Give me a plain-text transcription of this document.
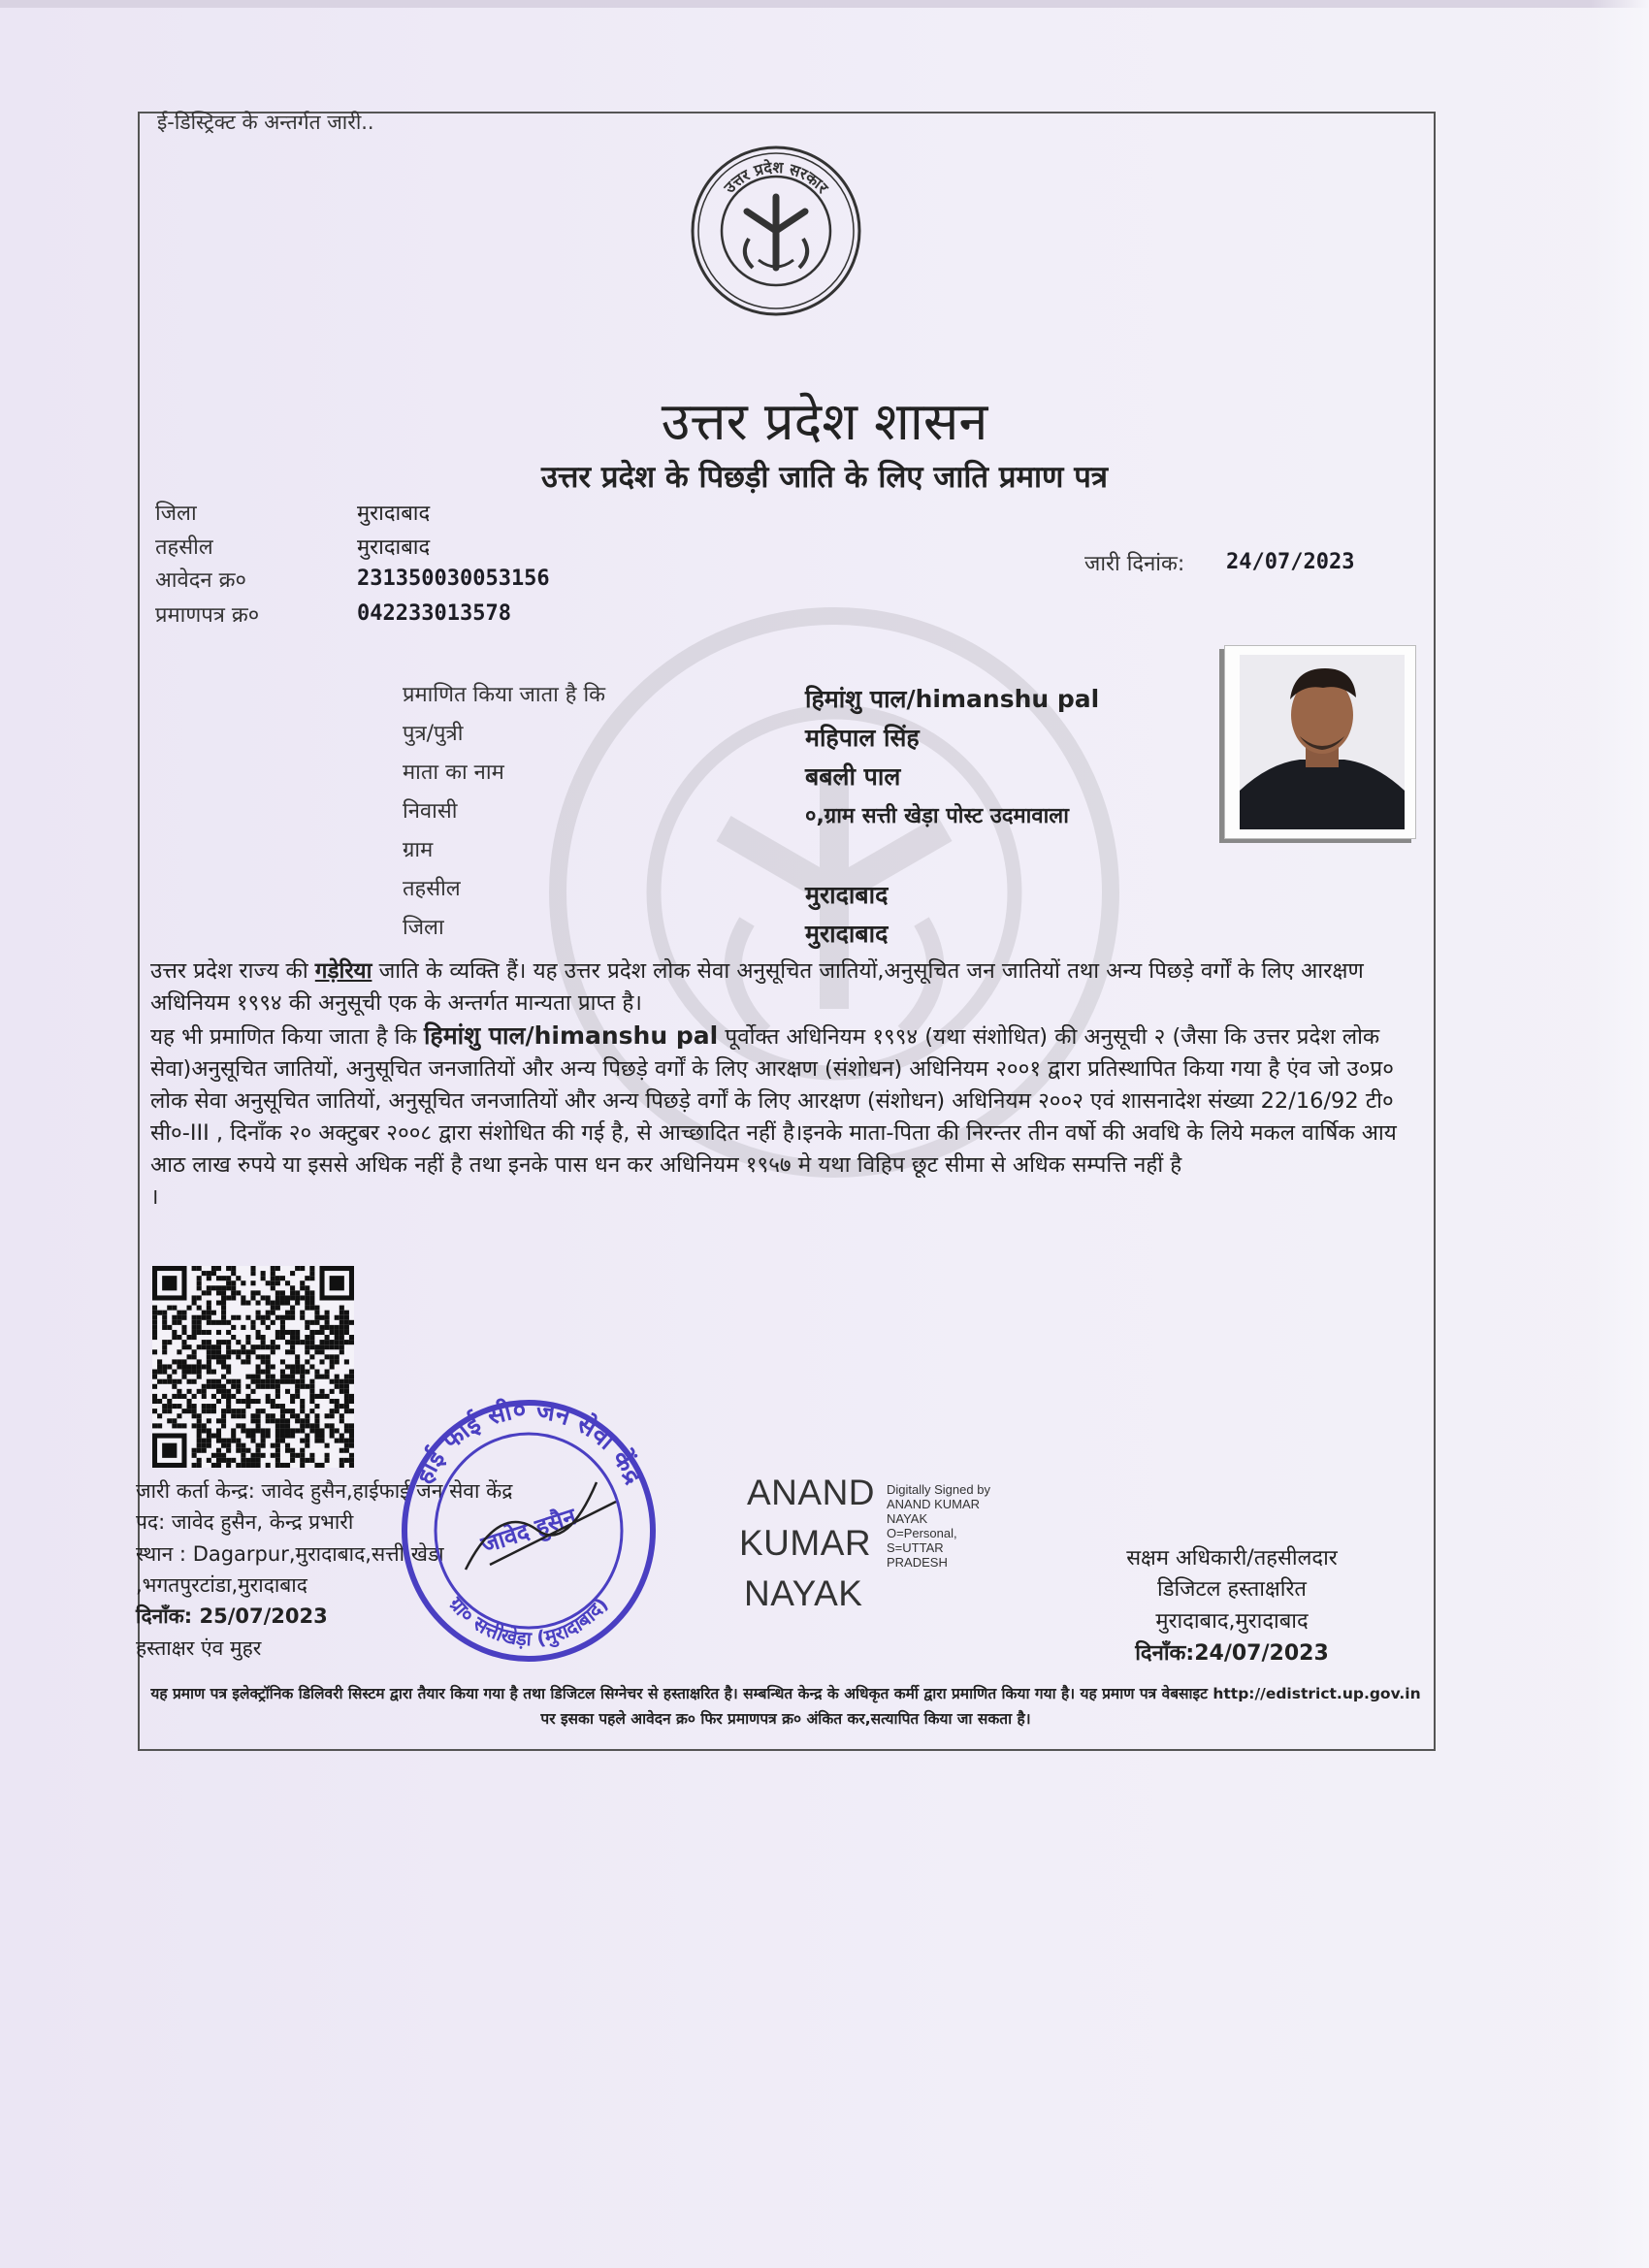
ई-डिस्ट्रिक्ट के अन्तर्गत जारी..
उत्तर प्रदेश सरकार
उत्तर प्रदेश शासन
उत्तर प्रदेश के पिछड़ी जाति के लिए जाति प्रमाण पत्र
जिला	मुरादाबाद
तहसील	मुरादाबाद
आवेदन क्र०	231350030053156
प्रमाणपत्र क्र०	042233013578
जारी दिनांक: 24/07/2023
प्रमाणित किया जाता है कि	हिमांशु पाल/himanshu pal
पुत्र/पुत्री	महिपाल सिंह
माता का नाम	बबली पाल
निवासी	०,ग्राम सत्ती खेड़ा पोस्ट उदमावाला
ग्राम
तहसील	मुरादाबाद
जिला	मुरादाबाद

उत्तर प्रदेश राज्य की गड़ेरिया जाति के व्यक्ति हैं। यह उत्तर प्रदेश लोक सेवा अनुसूचित जातियों,अनुसूचित जन जातियों तथा अन्य पिछड़े वर्गों के लिए आरक्षण अधिनियम १९९४ की अनुसूची एक के अन्तर्गत मान्यता प्राप्त है।

यह भी प्रमाणित किया जाता है कि हिमांशु पाल/himanshu pal पूर्वोक्त अधिनियम १९९४ (यथा संशोधित) की अनुसूची २ (जैसा कि उत्तर प्रदेश लोक सेवा)अनुसूचित जातियों, अनुसूचित जनजातियों और अन्य पिछड़े वर्गों के लिए आरक्षण (संशोधन) अधिनियम २००१ द्वारा प्रतिस्थापित किया गया है एंव जो उ०प्र० लोक सेवा अनुसूचित जातियों, अनुसूचित जनजातियों और अन्य पिछड़े वर्गों के लिए आरक्षण (संशोधन) अधिनियम २००२ एवं शासनादेश संख्या 22/16/92 टी० सी०-III , दिनाँक २० अक्टुबर २००८ द्वारा संशोधित की गई है, से आच्छादित नहीं है।इनके माता-पिता की निरन्तर तीन वर्षो की अवधि के लिये मकल वार्षिक आय आठ लाख रुपये या इससे अधिक नहीं है तथा इनके पास धन कर अधिनियम १९५७ मे यथा विहिप छूट सीमा से अधिक सम्पत्ति नहीं है

।

जारी कर्ता केन्द्र: जावेद हुसैन,हाईफाई जन सेवा केंद्र
पद: जावेद हुसैन, केन्द्र प्रभारी
स्थान : Dagarpur,मुरादाबाद,सत्ती खेडा
,भगतपुरटांडा,मुरादाबाद
दिनाँक: 25/07/2023
हस्ताक्षर एंव मुहर
हाई फाई सी० जन सेवा केंद्र
ग्रा० सत्तीखेड़ा (मुरादाबाद)
जावेद हुसैन
ANAND
KUMAR
NAYAK
Digitally Signed by
ANAND KUMAR
NAYAK
O=Personal,
S=UTTAR
PRADESH	सक्षम अधिकारी/तहसीलदार
डिजिटल हस्ताक्षरित
मुरादाबाद,मुरादाबाद
दिनाँक:24/07/2023
यह प्रमाण पत्र इलेक्ट्रॉनिक डिलिवरी सिस्टम द्वारा तैयार किया गया है तथा डिजिटल सिग्नेचर से हस्ताक्षरित है। सम्बन्धित केन्द्र के अधिकृत कर्मी द्वारा प्रमाणित किया गया है। यह प्रमाण पत्र वेबसाइट http://edistrict.up.gov.in पर इसका पहले आवेदन क्र० फिर प्रमाणपत्र क्र० अंकित कर,सत्यापित किया जा सकता है।
